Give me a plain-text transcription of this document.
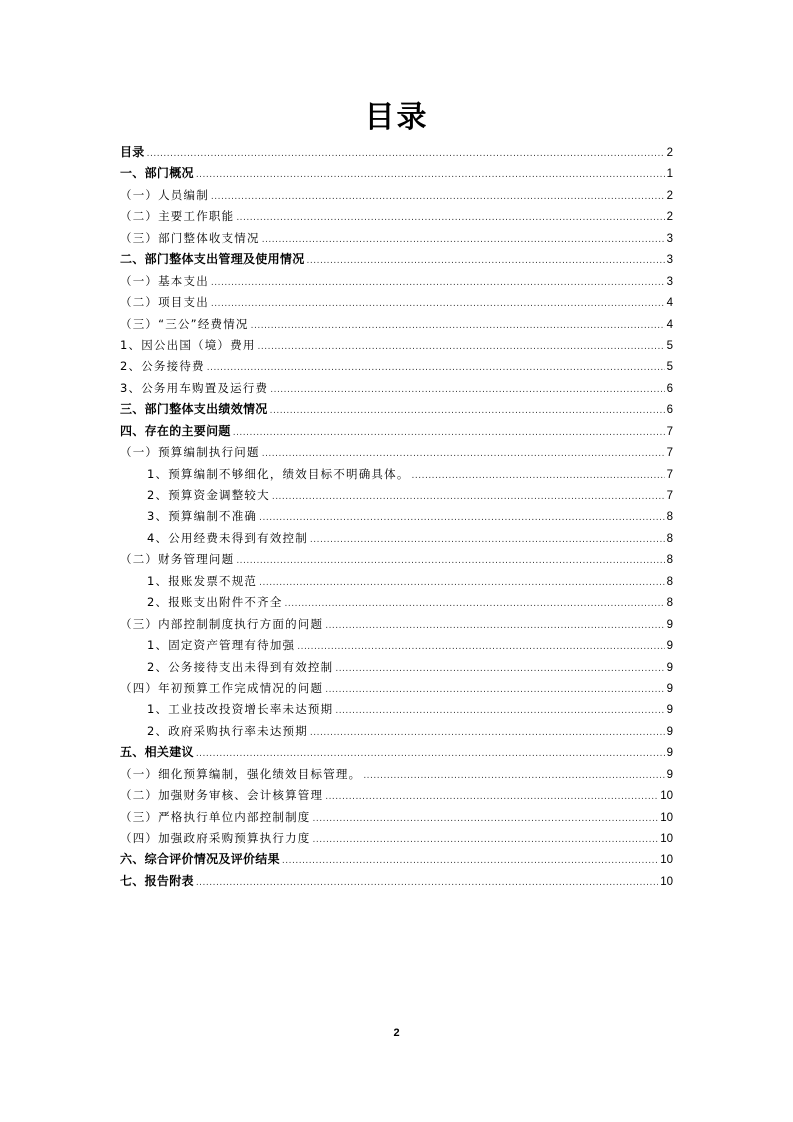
目录
目录 .....	2
一、部门概况 .....	1
（一）人员编制 .....	2
（二）主要工作职能 .....	2
（三）部门整体收支情况 .....	3
二、部门整体支出管理及使用情况 .....	3
（一）基本支出 .....	3
（二）项目支出 .....	4
（三）“三公”经费情况 .....	4
1、因公出国（境）费用 .....	5
2、公务接待费 .....	5
3、公务用车购置及运行费 .....	6
三、部门整体支出绩效情况 .....	6
四、存在的主要问题 .....	7
（一）预算编制执行问题 .....	7
1、预算编制不够细化，绩效目标不明确具体。 .....	7
2、预算资金调整较大 .....	7
3、预算编制不准确 .....	8
4、公用经费未得到有效控制 .....	8
（二）财务管理问题 .....	8
1、报账发票不规范 .....	8
2、报账支出附件不齐全 .....	8
（三）内部控制制度执行方面的问题 .....	9
1、固定资产管理有待加强 .....	9
2、公务接待支出未得到有效控制 .....	9
（四）年初预算工作完成情况的问题 .....	9
1、工业技改投资增长率未达预期 .....	9
2、政府采购执行率未达预期 .....	9
五、相关建议 .....	9
（一）细化预算编制，强化绩效目标管理。 .....	9
（二）加强财务审核、会计核算管理 .....	10
（三）严格执行单位内部控制制度 .....	10
（四）加强政府采购预算执行力度 .....	10
六、综合评价情况及评价结果 .....	10
七、报告附表 .....	10
2
